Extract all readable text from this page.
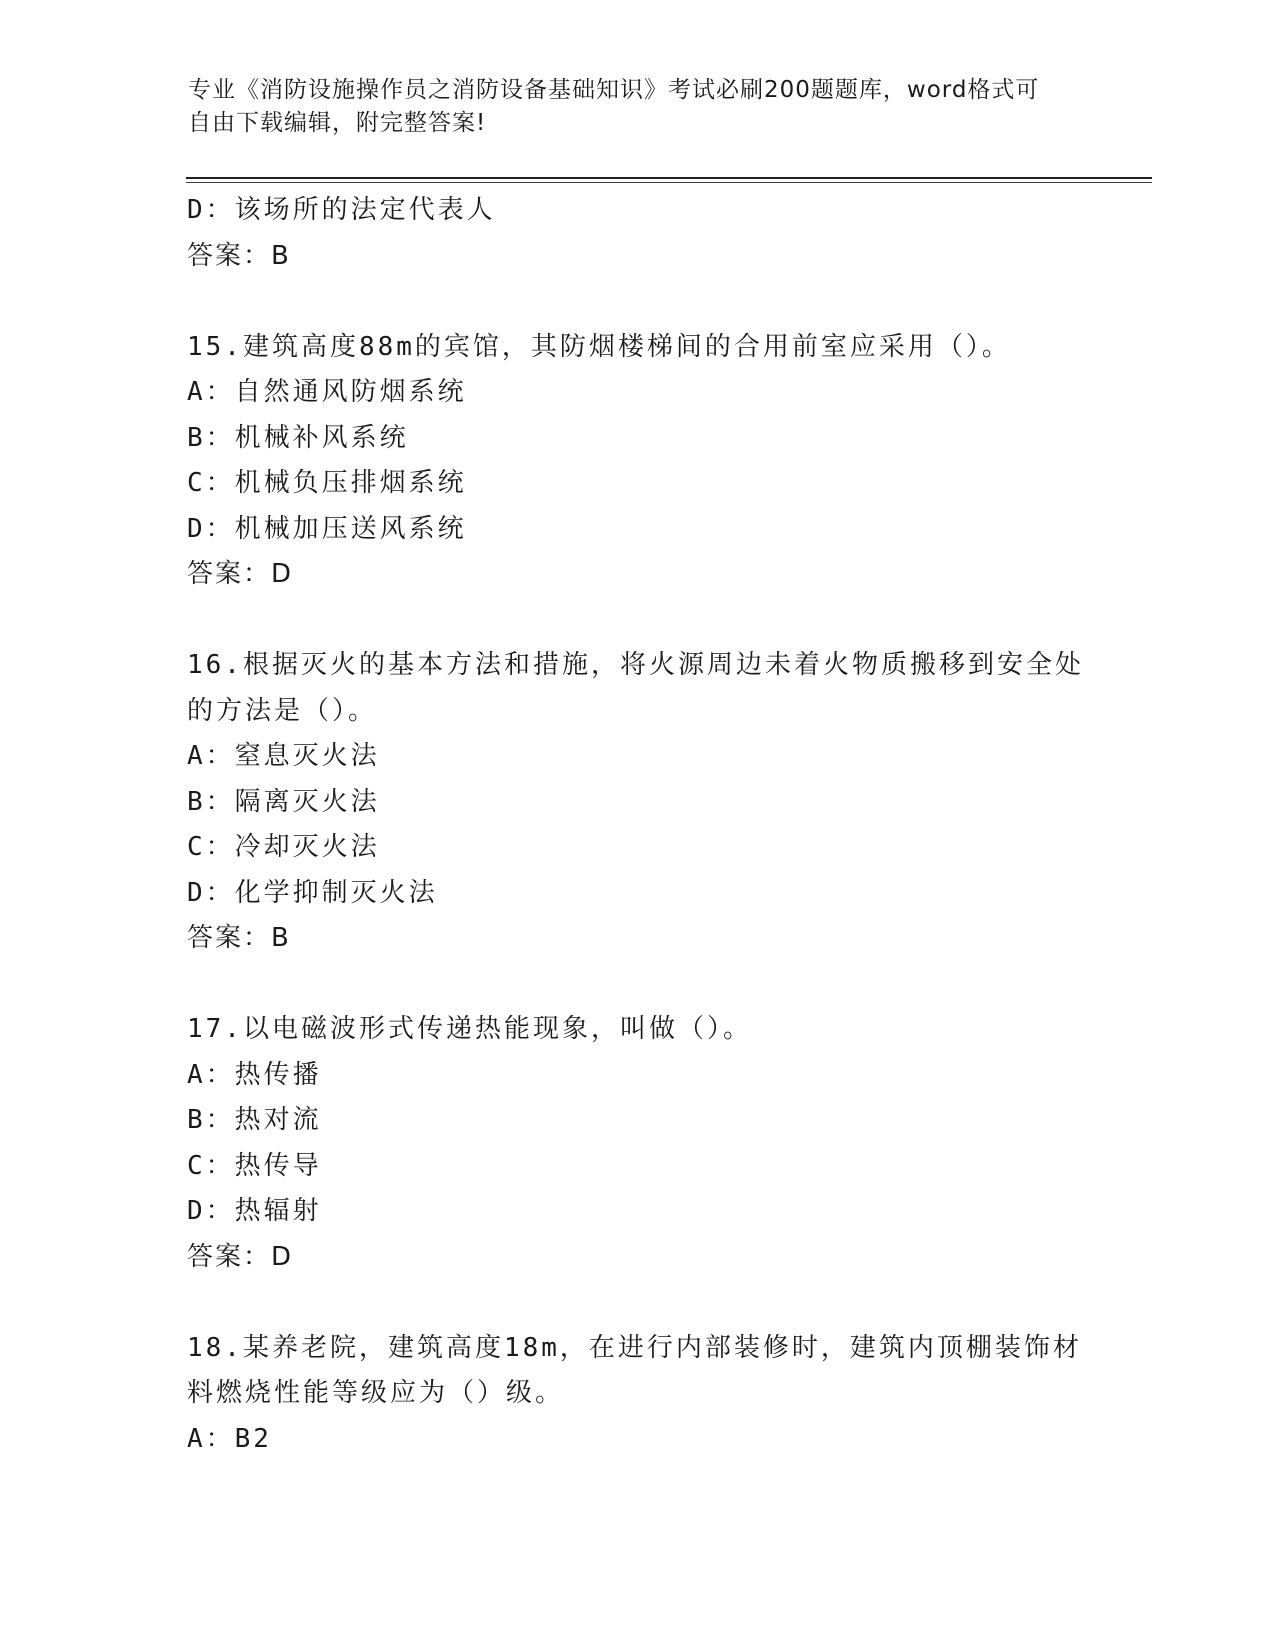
专业《消防设施操作员之消防设备基础知识》考试必刷200题题库，word格式可
自由下载编辑，附完整答案!
D：该场所的法定代表人
答案：B
15.建筑高度88m的宾馆，其防烟楼梯间的合用前室应采用（）。
A：自然通风防烟系统
B：机械补风系统
C：机械负压排烟系统
D：机械加压送风系统
答案：D
16.根据灭火的基本方法和措施，将火源周边未着火物质搬移到安全处
的方法是（）。
A：窒息灭火法
B：隔离灭火法
C：冷却灭火法
D：化学抑制灭火法
答案：B
17.以电磁波形式传递热能现象，叫做（）。
A：热传播
B：热对流
C：热传导
D：热辐射
答案：D
18.某养老院，建筑高度18m，在进行内部装修时，建筑内顶棚装饰材
料燃烧性能等级应为（）级。
A：B2
